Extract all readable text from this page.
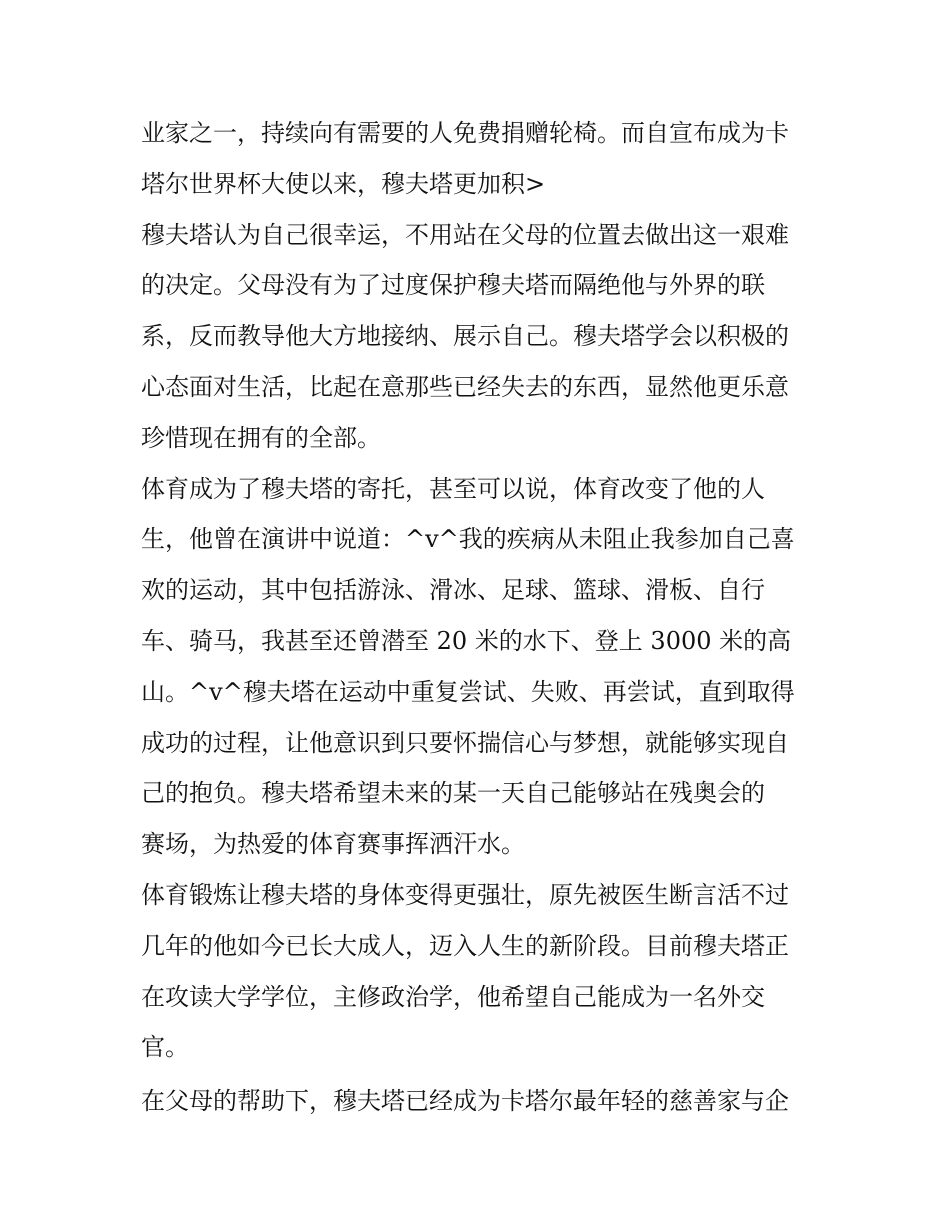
业家之一，持续向有需要的人免费捐赠轮椅。而自宣布成为卡
塔尔世界杯大使以来，穆夫塔更加积>
穆夫塔认为自己很幸运，不用站在父母的位置去做出这一艰难
的决定。父母没有为了过度保护穆夫塔而隔绝他与外界的联
系，反而教导他大方地接纳、展示自己。穆夫塔学会以积极的
心态面对生活，比起在意那些已经失去的东西，显然他更乐意
珍惜现在拥有的全部。
体育成为了穆夫塔的寄托，甚至可以说，体育改变了他的人
生，他曾在演讲中说道：^v^我的疾病从未阻止我参加自己喜
欢的运动，其中包括游泳、滑冰、足球、篮球、滑板、自行
车、骑马，我甚至还曾潜至 20 米的水下、登上 3000 米的高
山。^v^穆夫塔在运动中重复尝试、失败、再尝试，直到取得
成功的过程，让他意识到只要怀揣信心与梦想，就能够实现自
己的抱负。穆夫塔希望未来的某一天自己能够站在残奥会的
赛场，为热爱的体育赛事挥洒汗水。
体育锻炼让穆夫塔的身体变得更强壮，原先被医生断言活不过
几年的他如今已长大成人，迈入人生的新阶段。目前穆夫塔正
在攻读大学学位，主修政治学，他希望自己能成为一名外交
官。
在父母的帮助下，穆夫塔已经成为卡塔尔最年轻的慈善家与企
